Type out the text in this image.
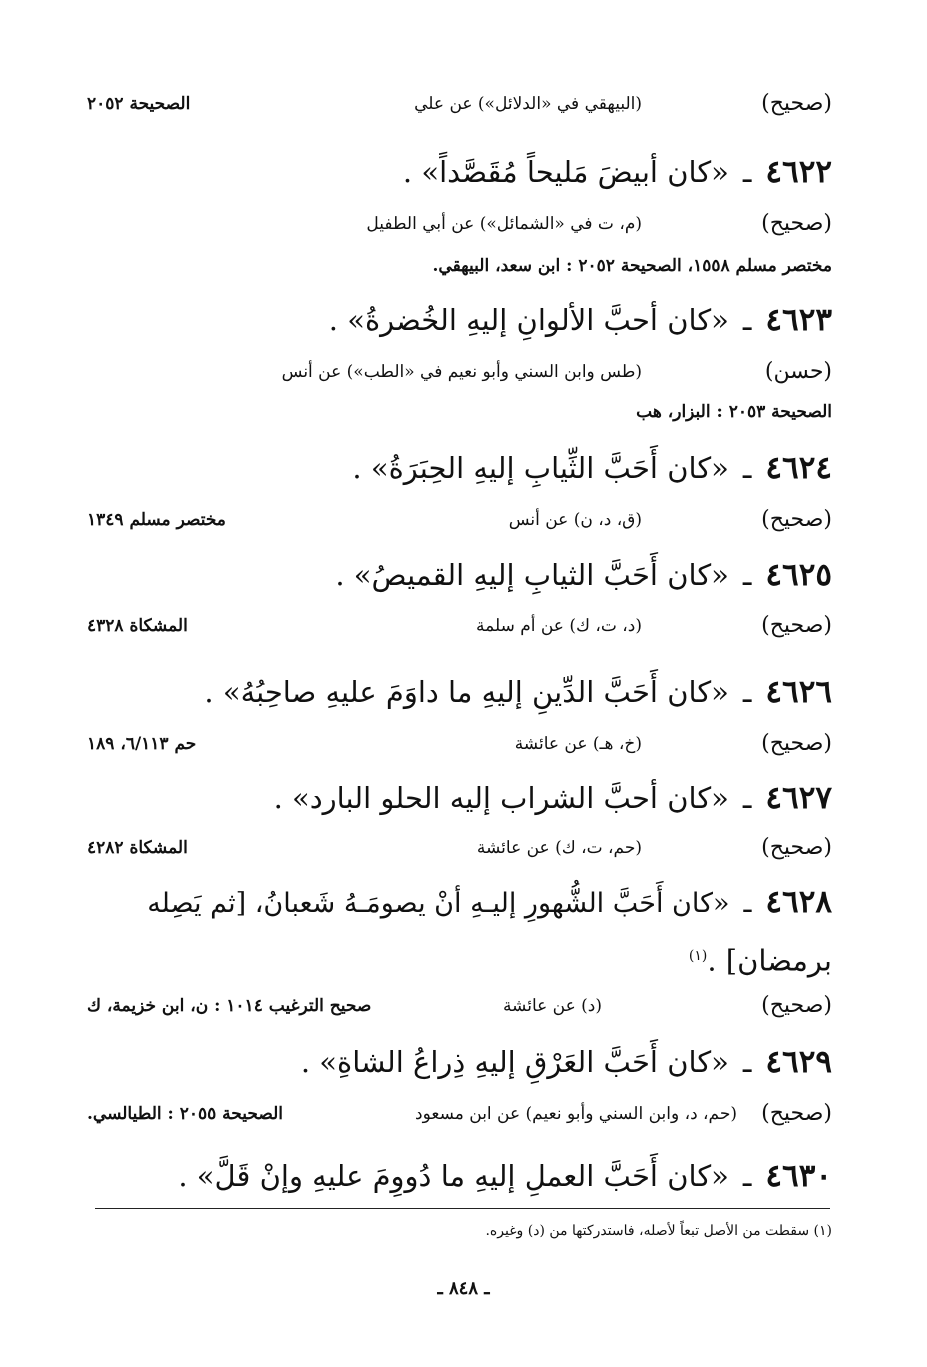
(صحيح)
(البيهقي في «الدلائل») عن علي
الصحيحة ٢٠٥٢
٤٦٢٢ـ«كان أبيضَ مَليحاً مُقَصَّداً» .
(صحيح)
(م، ت في «الشمائل») عن أبي الطفيل
مختصر مسلم ١٥٥٨، الصحيحة ٢٠٥٢ : ابن سعد، البيهقي.
٤٦٢٣ـ«كان أحبَّ الألوانِ إليهِ الخُضرةُ» .
(حسن)
(طس وابن السني وأبو نعيم في «الطب») عن أنس
الصحيحة ٢٠٥٣ : البزار، هب
٤٦٢٤ـ«كان أَحَبَّ الثِّيابِ إليهِ الحِبَرَةُ» .
(صحيح)
(ق، د، ن) عن أنس
مختصر مسلم ١٣٤٩
٤٦٢٥ـ«كان أَحَبَّ الثيابِ إليهِ القميصُ» .
(صحيح)
(د، ت، ك) عن أم سلمة
المشكاة ٤٣٢٨
٤٦٢٦ـ«كان أَحَبَّ الدِّينِ إليهِ ما داوَمَ عليهِ صاحِبُهُ» .
(صحيح)
(خ، هـ) عن عائشة
حم ٦/١١٣، ١٨٩
٤٦٢٧ـ«كان أحبَّ الشراب إليه الحلو البارد» .
(صحيح)
(حم، ت، ك) عن عائشة
المشكاة ٤٢٨٢
٤٦٢٨ـ«كان أَحَبَّ الشُّهورِ إليـهِ أنْ يصومَـهُ شَعبانُ، [ثم يَصِله
برمضان] .$^{(١)}$
(صحيح)
(د) عن عائشة
صحيح الترغيب ١٠١٤ : ن، ابن خزيمة، ك
٤٦٢٩ـ«كان أَحَبَّ العَرْقِ إليهِ ذِراعُ الشاةِ» .
(صحيح)
(حم، د، وابن السني وأبو نعيم) عن ابن مسعود
الصحيحة ٢٠٥٥ : الطيالسي.
٤٦٣٠ـ«كان أَحَبَّ العملِ إليهِ ما دُووِمَ عليهِ وإنْ قَلَّ» .
(١) سقطت من الأصل تبعاً لأصله، فاستدركتها من (د) وغيره.
ـ ٨٤٨ ـ
